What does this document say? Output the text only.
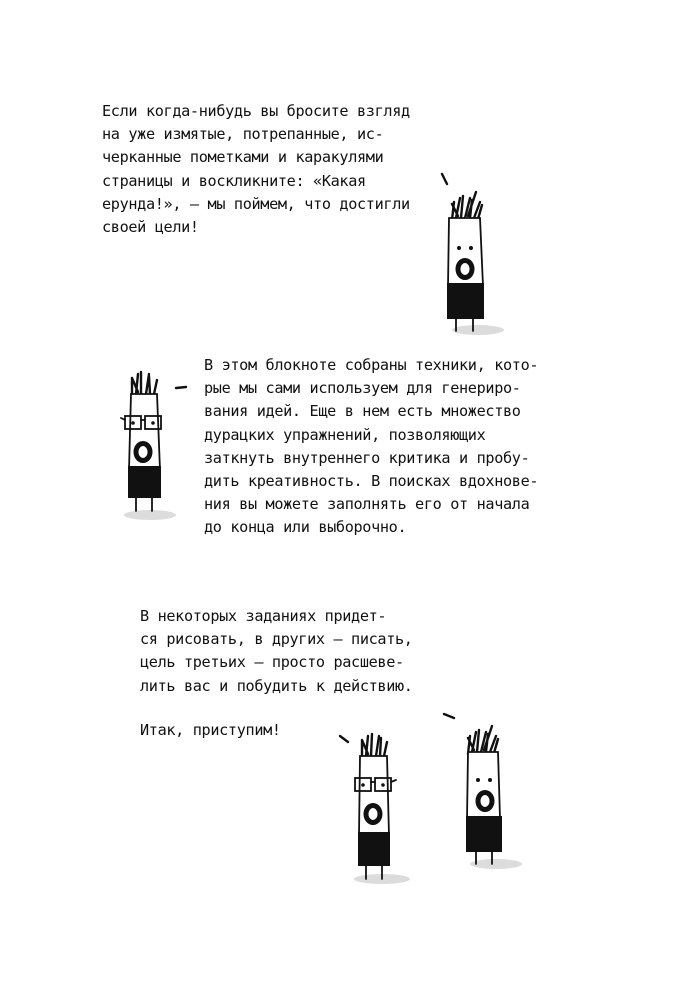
Если когда-нибудь вы бросите взгляд
на уже измятые, потрепанные, ис-
черканные пометками и каракулями
страницы и воскликните: «Какая
ерунда!», — мы поймем, что достигли
своей цели!
В этом блокноте собраны техники, кото-
рые мы сами используем для генериро-
вания идей. Еще в нем есть множество
дурацких упражнений, позволяющих
заткнуть внутреннего критика и пробу-
дить креативность. В поисках вдохнове-
ния вы можете заполнять его от начала
до конца или выборочно.
В некоторых заданиях придет-
ся рисовать, в других — писать,
цель третьих — просто расшеве-
лить вас и побудить к действию.
Итак, приступим!
